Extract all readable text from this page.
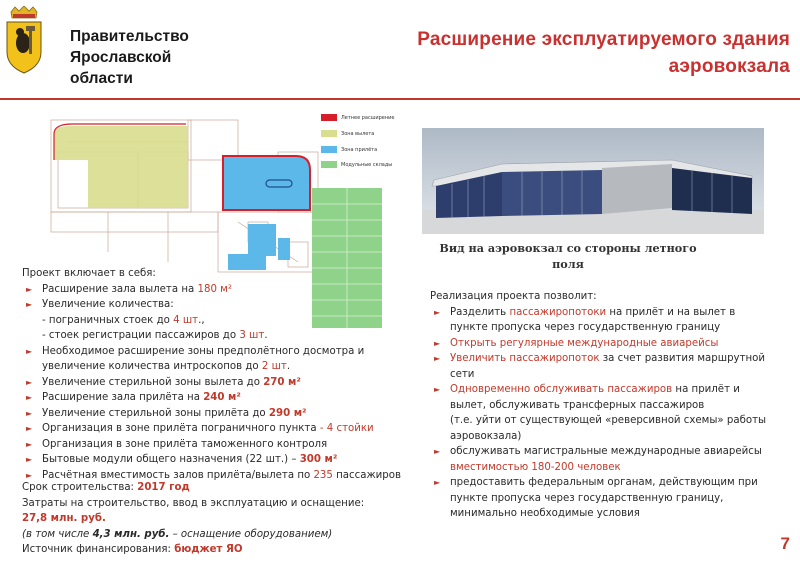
Правительство
Ярославской
области
Расширение эксплуатируемого здания
аэровокзала
Летнее расширение
Зона вылета
Зона прилёта
Модульные склады
Вид на аэровокзал со стороны летного
поля
Проект включает в себя:
► Расширение зала вылета на 180 м²
► Увеличение количества:
- пограничных стоек до 4 шт.,
- стоек регистрации пассажиров до 3 шт.
► Необходимое расширение зоны предполётного досмотра и увеличение количества интроскопов до 2 шт.
► Увеличение стерильной зоны вылета до 270 м²
► Расширение зала прилёта на 240 м²
► Увеличение стерильной зоны прилёта до 290 м²
► Организация в зоне прилёта пограничного пункта - 4 стойки
► Организация в зоне прилёта таможенного контроля
► Бытовые модули общего назначения (22 шт.) – 300 м²
► Расчётная вместимость залов прилёта/вылета по 235 пассажиров
Срок строительства: 2017 год
Затраты на строительство, ввод в эксплуатацию и оснащение:
27,8 млн. руб.
(в том числе 4,3 млн. руб. – оснащение оборудованием)
Источник финансирования: бюджет ЯО
Реализация проекта позволит:
► Разделить пассажиропотоки на прилёт и на вылет в пункте пропуска через государственную границу
► Открыть регулярные международные авиарейсы
► Увеличить пассажиропоток за счет развития маршрутной сети
► Одновременно обслуживать пассажиров на прилёт и вылет, обслуживать трансферных пассажиров
(т.е. уйти от существующей «реверсивной схемы» работы аэровокзала)
► обслуживать магистральные международные авиарейсы вместимостью 180-200 человек
► предоставить федеральным органам, действующим при пункте пропуска через государственную границу, минимально необходимые условия
7
